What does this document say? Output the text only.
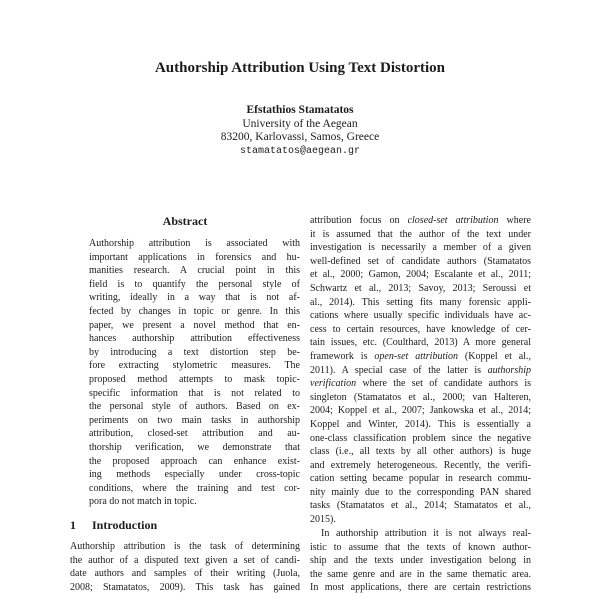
Authorship Attribution Using Text Distortion
Efstathios Stamatatos
University of the Aegean
83200, Karlovassi, Samos, Greece
stamatatos@aegean.gr
Abstract
Authorship attribution is associated with
important applications in forensics and hu-
manities research. A crucial point in this
field is to quantify the personal style of
writing, ideally in a way that is not af-
fected by changes in topic or genre. In this
paper, we present a novel method that en-
hances authorship attribution effectiveness
by introducing a text distortion step be-
fore extracting stylometric measures. The
proposed method attempts to mask topic-
specific information that is not related to
the personal style of authors. Based on ex-
periments on two main tasks in authorship
attribution, closed-set attribution and au-
thorship verification, we demonstrate that
the proposed approach can enhance exist-
ing methods especially under cross-topic
conditions, where the training and test cor-
pora do not match in topic.
1 Introduction
Authorship attribution is the task of determining
the author of a disputed text given a set of candi-
date authors and samples of their writing (Juola,
2008; Stamatatos, 2009). This task has gained
attribution focus on closed-set attribution where
it is assumed that the author of the text under
investigation is necessarily a member of a given
well-defined set of candidate authors (Stamatatos
et al., 2000; Gamon, 2004; Escalante et al., 2011;
Schwartz et al., 2013; Savoy, 2013; Seroussi et
al., 2014). This setting fits many forensic appli-
cations where usually specific individuals have ac-
cess to certain resources, have knowledge of cer-
tain issues, etc. (Coulthard, 2013) A more general
framework is open-set attribution (Koppel et al.,
2011). A special case of the latter is authorship
verification where the set of candidate authors is
singleton (Stamatatos et al., 2000; van Halteren,
2004; Koppel et al., 2007; Jankowska et al., 2014;
Koppel and Winter, 2014). This is essentially a
one-class classification problem since the negative
class (i.e., all texts by all other authors) is huge
and extremely heterogeneous. Recently, the verifi-
cation setting became popular in research commu-
nity mainly due to the corresponding PAN shared
tasks (Stamatatos et al., 2014; Stamatatos et al.,
2015).
In authorship attribution it is not always real-
istic to assume that the texts of known author-
ship and the texts under investigation belong in
the same genre and are in the same thematic area.
In most applications, there are certain restrictions
